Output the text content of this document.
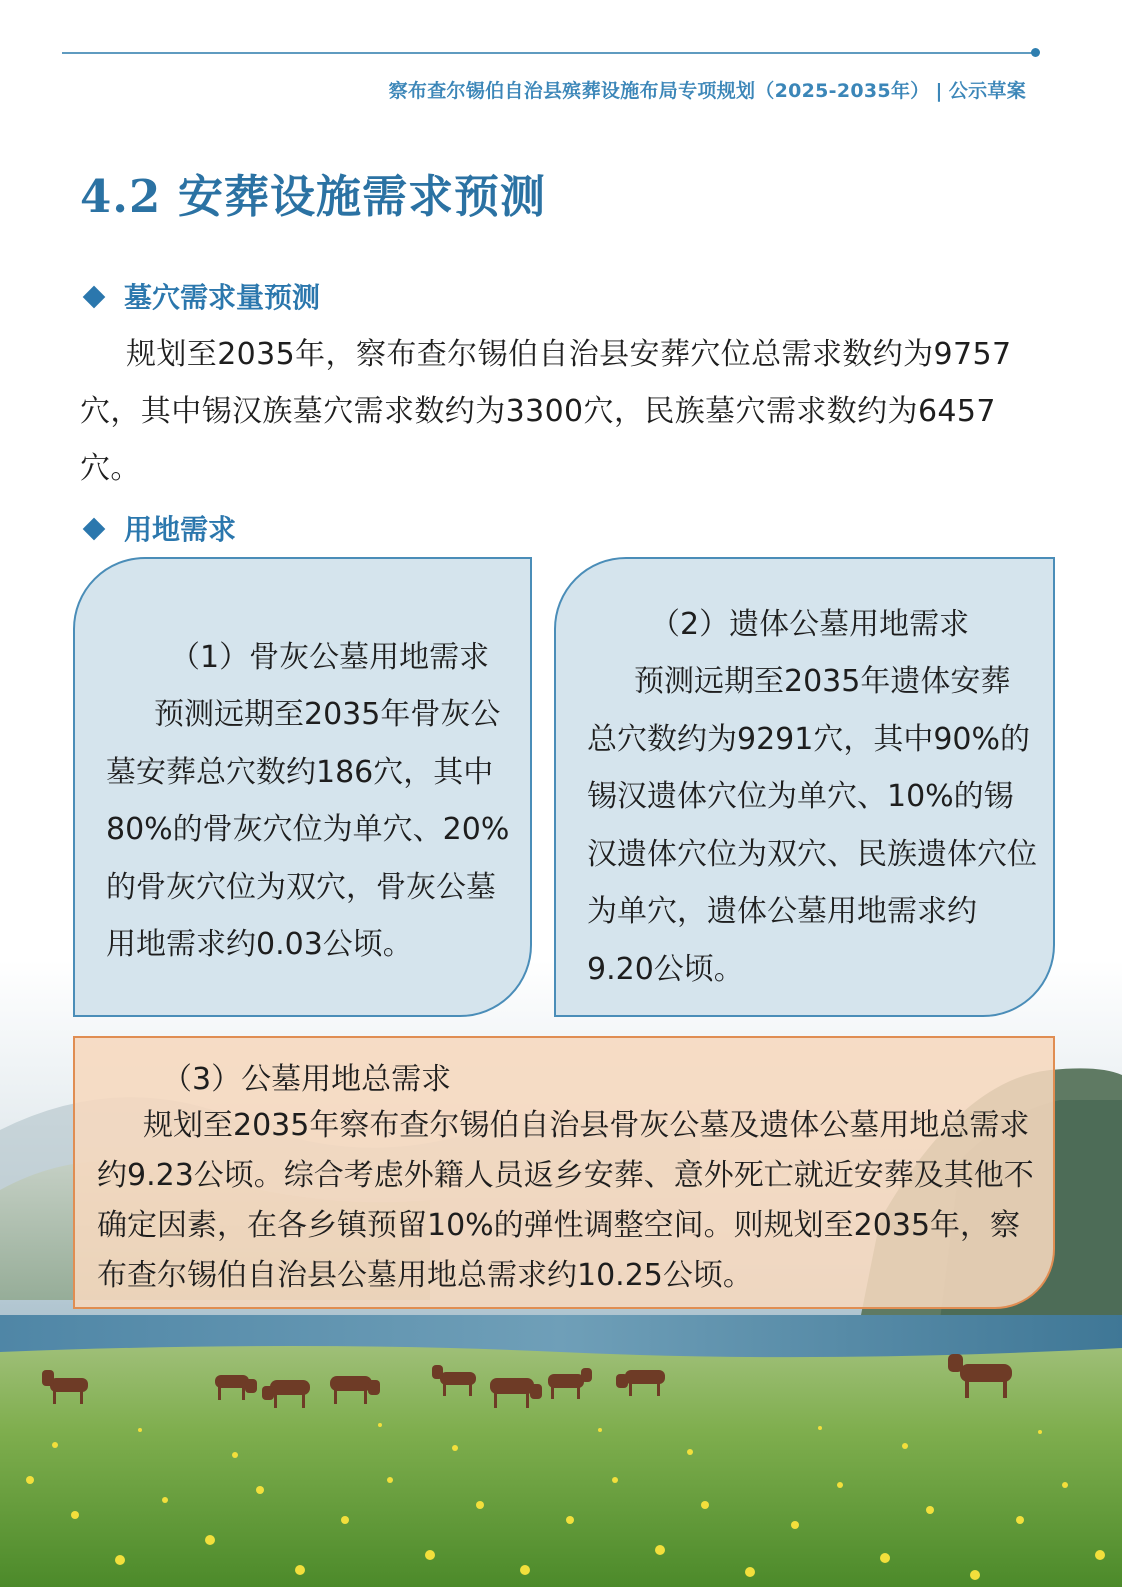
察布查尔锡伯自治县殡葬设施布局专项规划（2025-2035年） | 公示草案
4.2 安葬设施需求预测
墓穴需求量预测
规划至2035年，察布查尔锡伯自治县安葬穴位总需求数约为9757穴，其中锡汉族墓穴需求数约为3300穴，民族墓穴需求数约为6457穴。
用地需求
（1）骨灰公墓用地需求
预测远期至2035年骨灰公墓安葬总穴数约186穴，其中80%的骨灰穴位为单穴、20%的骨灰穴位为双穴，骨灰公墓用地需求约0.03公顷。
（2）遗体公墓用地需求
预测远期至2035年遗体安葬总穴数约为9291穴，其中90%的锡汉遗体穴位为单穴、10%的锡汉遗体穴位为双穴、民族遗体穴位为单穴，遗体公墓用地需求约9.20公顷。
（3）公墓用地总需求
规划至2035年察布查尔锡伯自治县骨灰公墓及遗体公墓用地总需求约9.23公顷。综合考虑外籍人员返乡安葬、意外死亡就近安葬及其他不确定因素，在各乡镇预留10%的弹性调整空间。则规划至2035年，察布查尔锡伯自治县公墓用地总需求约10.25公顷。
